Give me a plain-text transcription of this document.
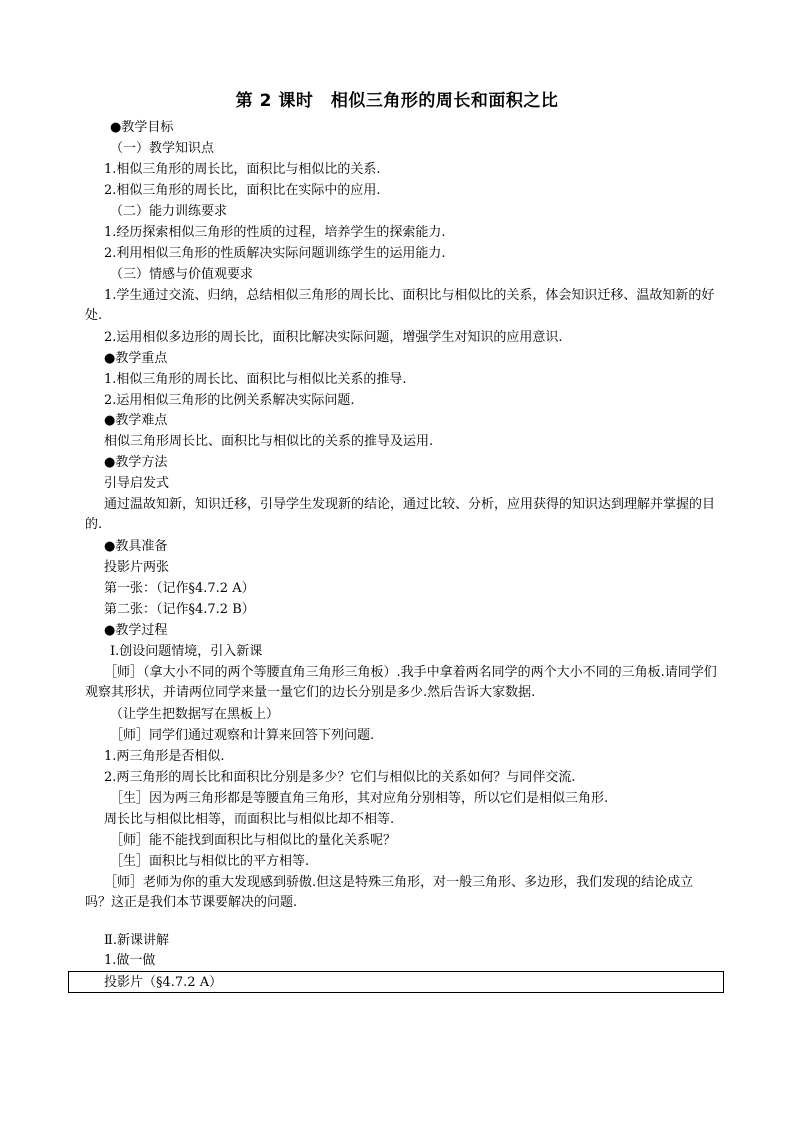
第 2 课时　相似三角形的周长和面积之比
●教学目标
（一）教学知识点
1.相似三角形的周长比，面积比与相似比的关系.
2.相似三角形的周长比，面积比在实际中的应用.
（二）能力训练要求
1.经历探索相似三角形的性质的过程，培养学生的探索能力.
2.利用相似三角形的性质解决实际问题训练学生的运用能力.
（三）情感与价值观要求
1.学生通过交流、归纳，总结相似三角形的周长比、面积比与相似比的关系，体会知识迁移、温故知新的好处.
2.运用相似多边形的周长比，面积比解决实际问题，增强学生对知识的应用意识.
●教学重点
1.相似三角形的周长比、面积比与相似比关系的推导.
2.运用相似三角形的比例关系解决实际问题.
●教学难点
相似三角形周长比、面积比与相似比的关系的推导及运用.
●教学方法
引导启发式
通过温故知新，知识迁移，引导学生发现新的结论，通过比较、分析，应用获得的知识达到理解并掌握的目的.
●教具准备
投影片两张
第一张：（记作§4.7.2 A）
第二张：（记作§4.7.2 B）
●教学过程
Ⅰ.创设问题情境，引入新课
［师］（拿大小不同的两个等腰直角三角形三角板）.我手中拿着两名同学的两个大小不同的三角板.请同学们观察其形状，并请两位同学来量一量它们的边长分别是多少.然后告诉大家数据.
（让学生把数据写在黑板上）
［师］同学们通过观察和计算来回答下列问题.
1.两三角形是否相似.
2.两三角形的周长比和面积比分别是多少？它们与相似比的关系如何？与同伴交流.
［生］因为两三角形都是等腰直角三角形，其对应角分别相等，所以它们是相似三角形.
周长比与相似比相等，而面积比与相似比却不相等.
［师］能不能找到面积比与相似比的量化关系呢？
［生］面积比与相似比的平方相等.
［师］老师为你的重大发现感到骄傲.但这是特殊三角形，对一般三角形、多边形，我们发现的结论成立吗？这正是我们本节课要解决的问题.
Ⅱ.新课讲解
1.做一做
投影片（§4.7.2 A）
